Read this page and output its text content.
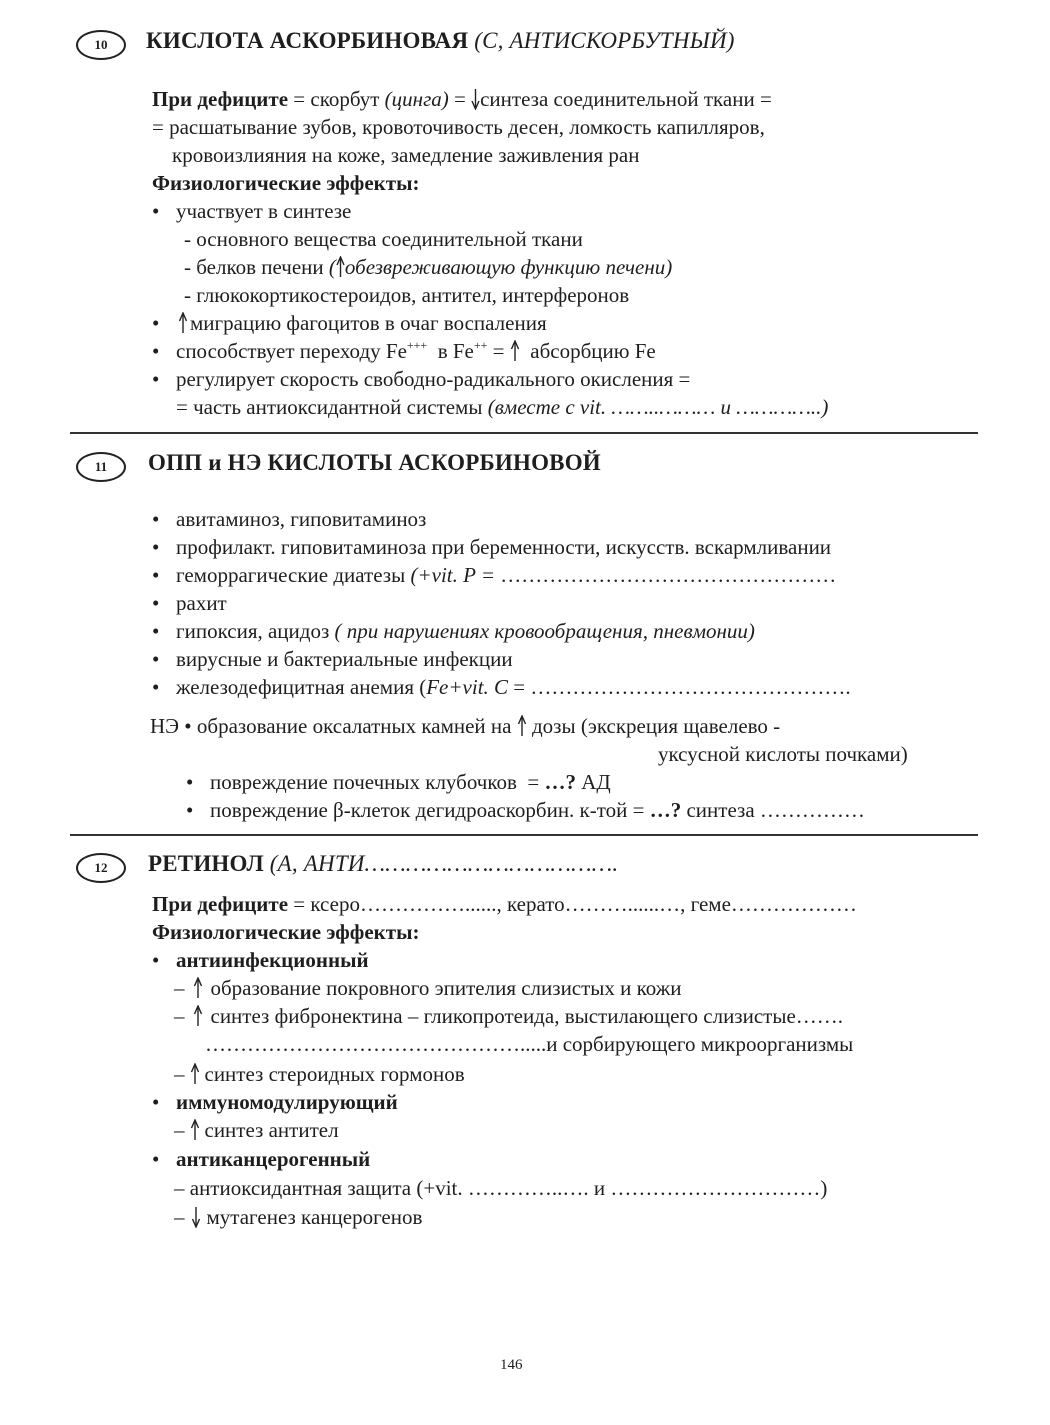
10	КИСЛОТА АСКОРБИНОВАЯ (С, АНТИСКОРБУТНЫЙ)
При дефиците = скорбут (цинга) = синтеза соединительной ткани =
= расшатывание зубов, кровоточивость десен, ломкость капилляров,
кровоизлияния на коже, замедление заживления ран
Физиологические эффекты:
• участвует в синтезе
- основного вещества соединительной ткани
- белков печени ( обезвреживающую функцию печени)
- глюкокортикостероидов, антител, интерферонов
• миграцию фагоцитов в очаг воспаления
• способствует переходу Fe+++  в Fe++ =   абсорбцию Fe
• регулирует скорость свободно-радикального окисления =
= часть антиоксидантной системы (вместе с vit. ……..……… и …………..)
11	ОПП и НЭ КИСЛОТЫ АСКОРБИНОВОЙ
• авитаминоз, гиповитаминоз
• профилакт. гиповитаминоза при беременности, искусств. вскармливании
• геморрагические диатезы (+vit. P = …………………………………………
• рахит
• гипоксия, ацидоз ( при нарушениях кровообращения, пневмонии)
• вирусные и бактериальные инфекции
• железодефицитная анемия (Fe+vit. C = ……………………………………….
НЭ • образование оксалатных камней на  дозы (экскреция щавелево -
уксусной кислоты почками)
• повреждение почечных клубочков  = …? АД
• повреждение β-клеток дегидроаскорбин. к-той = …? синтеза ……………
12	РЕТИНОЛ (А, АНТИ……………………………….
При дефиците = ксеро……………......, керато………......…, геме………………
Физиологические эффекты:
• антиинфекционный
– образование покровного эпителия слизистых и кожи
– синтез фибронектина – гликопротеида, выстилающего слизистые…….
……………………………………….....и сорбирующего микроорганизмы
– синтез стероидных гормонов
• иммуномодулирующий
– синтез антител
• антиканцерогенный
– антиоксидантная защита (+vit. …………..…. и …………………………)
– мутагенез канцерогенов
146
